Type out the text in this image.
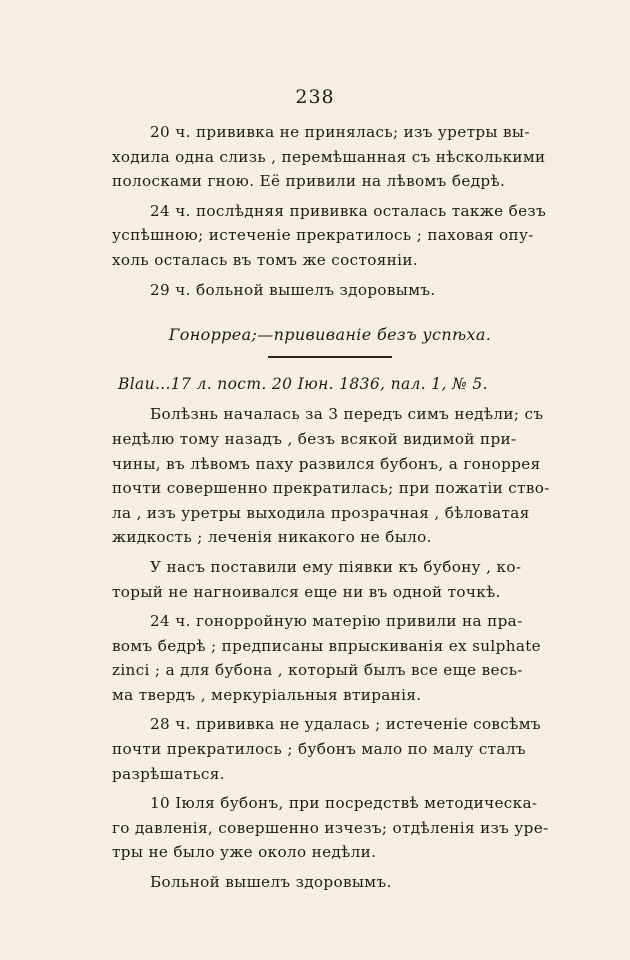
238
20 ч. прививка не принялась; изъ уретры вы-
ходила одна слизь , перемѣшанная съ нѣсколькими
полосками гною. Её привили на лѣвомъ бедрѣ.
24 ч. послѣдняя прививка осталась также безъ
успѣшною; истеченіе прекратилось ; паховая опу-
холь осталась въ томъ же состояніи.
29 ч. больной вышелъ здоровымъ.
Гонорреа;—прививаніе безъ успѣха.
Blau...17 л. пост. 20 Іюн. 1836, пал. 1, № 5.
Болѣзнь началась за 3 передъ симъ недѣли; съ
недѣлю тому назадъ , безъ всякой видимой при-
чины, въ лѣвомъ паху развился бубонъ, а гоноррея
почти совершенно прекратилась; при пожатіи ство-
ла , изъ уретры выходила прозрачная , бѣловатая
жидкость ; леченія никакого не было.
У насъ поставили ему піявки къ бубону , ко-
торый не нагноивался еще ни въ одной точкѣ.
24 ч. гонорройную матерію привили на пра-
вомъ бедрѣ ; предписаны впрыскиванія ex sulphate
zinci ; а для бубона , который былъ все еще весь-
ма твердъ , меркуріальныя втиранія.
28 ч. прививка не удалась ; истеченіе совсѣмъ
почти прекратилось ; бубонъ мало по малу сталъ
разрѣшаться.
10 Іюля бубонъ, при посредствѣ методическа-
го давленія, совершенно изчезъ; отдѣленія изъ уре-
тры не было уже около недѣли.
Больной вышелъ здоровымъ.
